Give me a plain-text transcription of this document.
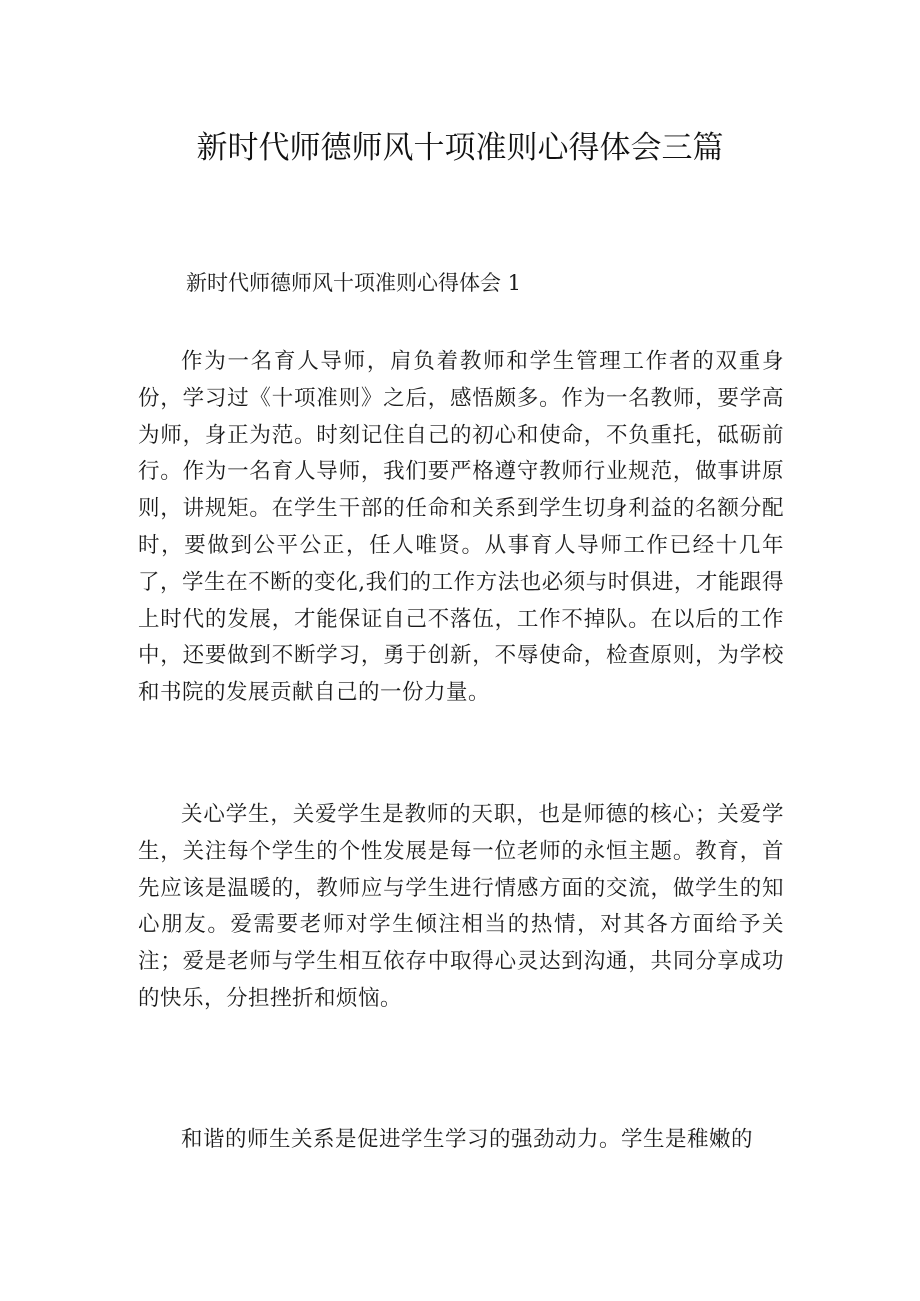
新时代师德师风十项准则心得体会三篇
新时代师德师风十项准则心得体会 1

作为一名育人导师，肩负着教师和学生管理工作者的双重身份，学习过《十项准则》之后，感悟颇多。作为一名教师，要学高为师，身正为范。时刻记住自己的初心和使命，不负重托，砥砺前行。作为一名育人导师，我们要严格遵守教师行业规范，做事讲原则，讲规矩。在学生干部的任命和关系到学生切身利益的名额分配时，要做到公平公正，任人唯贤。从事育人导师工作已经十几年了，学生在不断的变化,我们的工作方法也必须与时俱进，才能跟得上时代的发展，才能保证自己不落伍，工作不掉队。在以后的工作中，还要做到不断学习，勇于创新，不辱使命，检查原则，为学校和书院的发展贡献自己的一份力量。

关心学生，关爱学生是教师的天职，也是师德的核心；关爱学生，关注每个学生的个性发展是每一位老师的永恒主题。教育，首先应该是温暖的，教师应与学生进行情感方面的交流，做学生的知心朋友。爱需要老师对学生倾注相当的热情，对其各方面给予关注；爱是老师与学生相互依存中取得心灵达到沟通，共同分享成功的快乐，分担挫折和烦恼。

和谐的师生关系是促进学生学习的强劲动力。学生是稚嫩的
